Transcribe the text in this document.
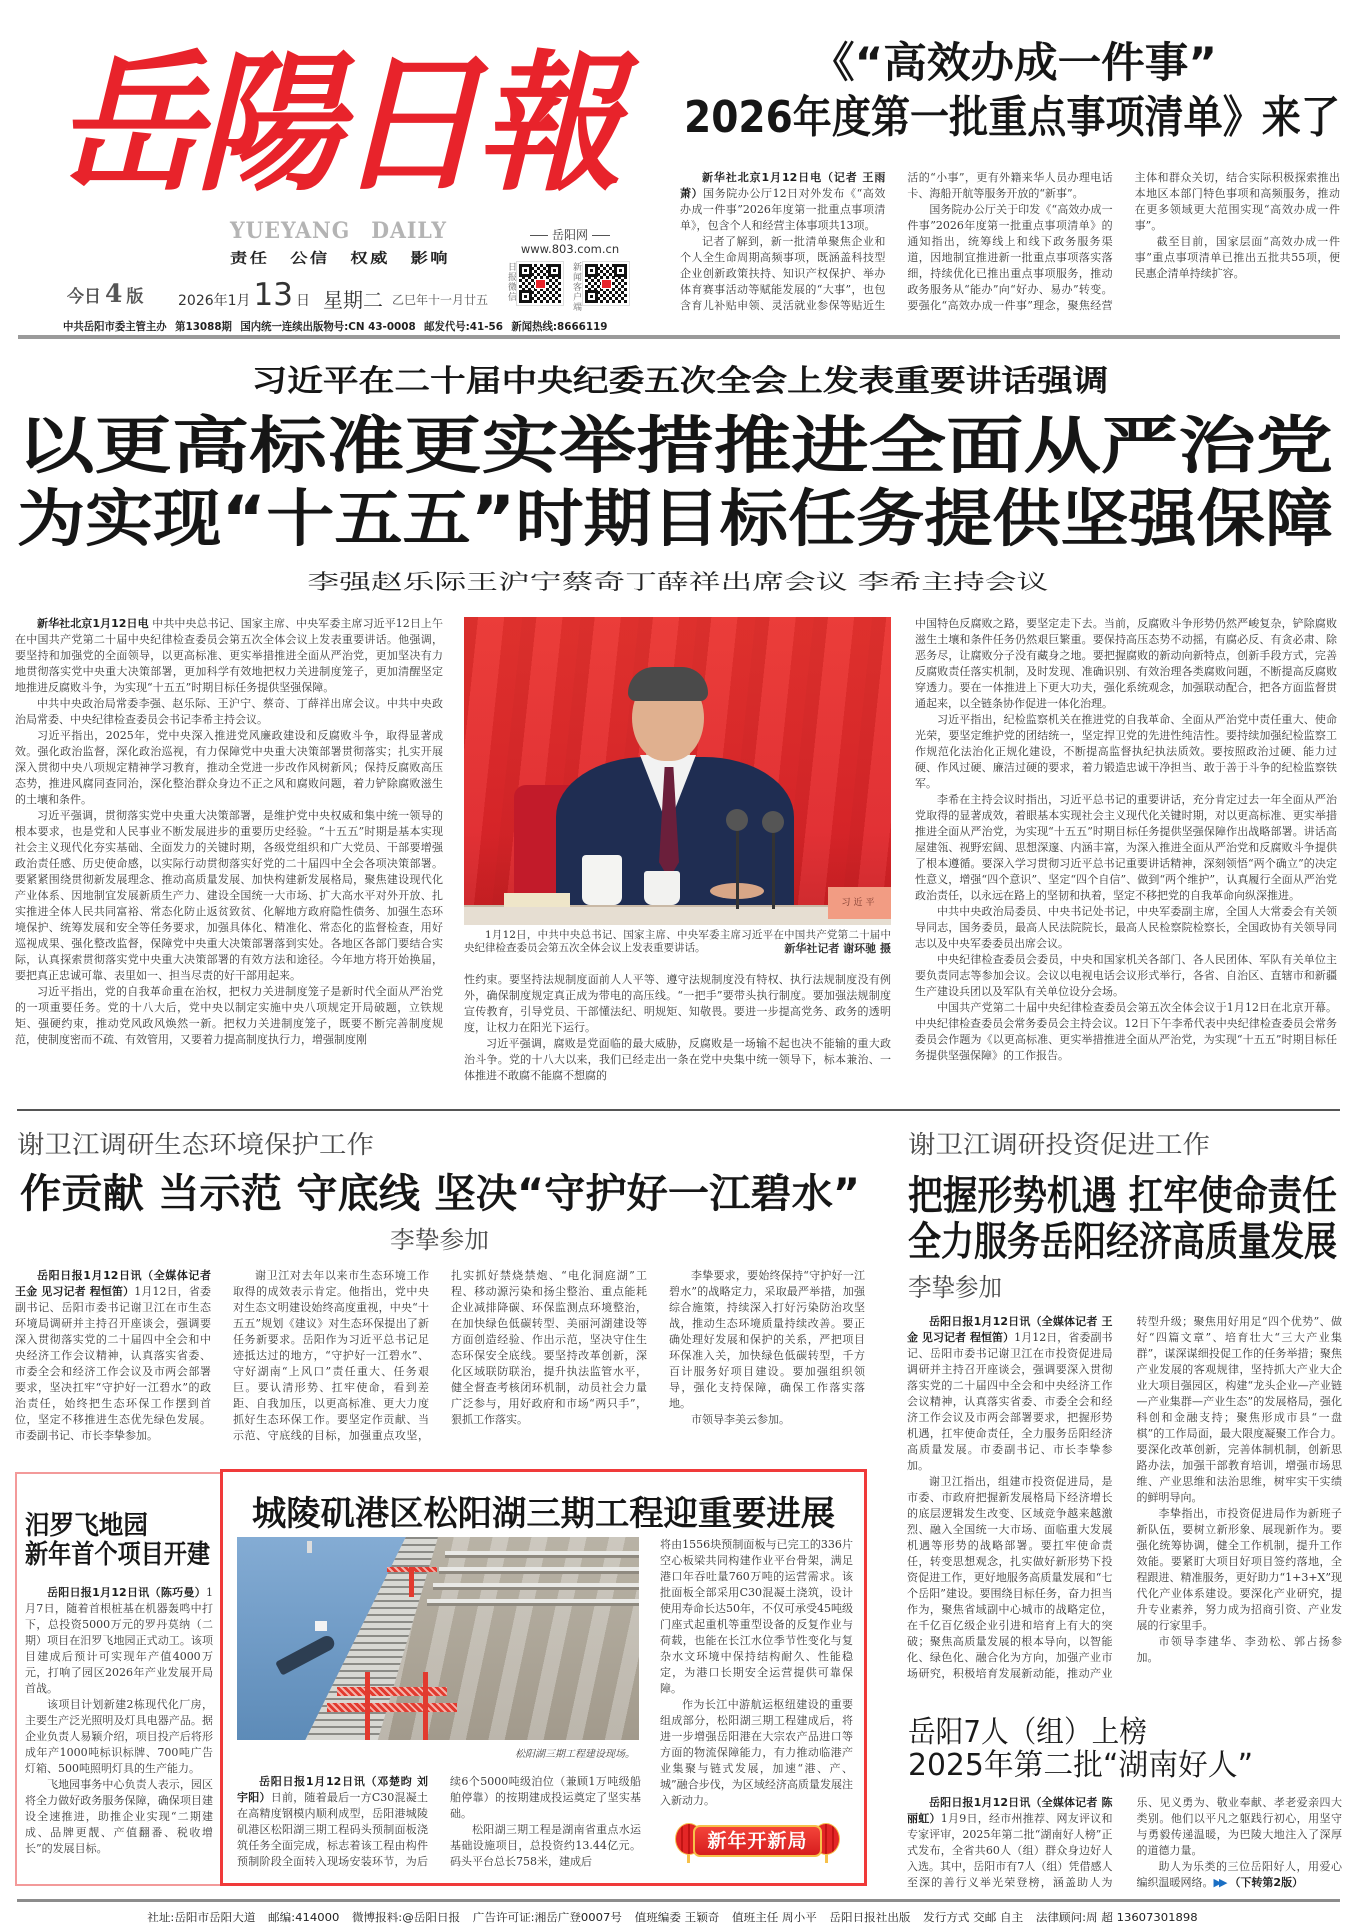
岳陽日報
YUEYANG DAILY
责任 公信 权威 影响
今日 4 版 2026年1月13 日 星期二 乙巳年十一月廿五
岳阳网
www.803.com.cn
日报微信	新闻客户端
中共岳阳市委主管主办 第13088期 国内统一连续出版物号:CN 43-0008 邮发代号:41-56 新闻热线:8666119
《“高效办成一件事”
2026年度第一批重点事项清单》来了

新华社北京1月12日电（记者 王雨萧）国务院办公厅12日对外发布《“高效办成一件事”2026年度第一批重点事项清单》，包含个人和经营主体事项共13项。

记者了解到，新一批清单聚焦企业和个人全生命周期高频事项，既涵盖科技型企业创新政策扶持、知识产权保护、举办体育赛事活动等赋能发展的“大事”，也包含育儿补贴申领、灵活就业参保等贴近生活的“小事”，更有外籍来华人员办理电话卡、海船开航等服务开放的“新事”。

国务院办公厅关于印发《“高效办成一件事”2026年度第一批重点事项清单》的通知指出，统筹线上和线下政务服务渠道，因地制宜推进新一批重点事项落实落细，持续优化已推出重点事项服务，推动政务服务从“能办”向“好办、易办”转变。要强化“高效办成一件事”理念，聚焦经营主体和群众关切，结合实际积极探索推出本地区本部门特色事项和高频服务，推动在更多领域更大范围实现“高效办成一件事”。

截至目前，国家层面“高效办成一件事”重点事项清单已推出五批共55项，便民惠企清单持续扩容。

习近平在二十届中央纪委五次全会上发表重要讲话强调
以更高标准更实举措推进全面从严治党
为实现“十五五”时期目标任务提供坚强保障
李强赵乐际王沪宁蔡奇丁薛祥出席会议 李希主持会议

新华社北京1月12日电 中共中央总书记、国家主席、中央军委主席习近平12日上午在中国共产党第二十届中央纪律检查委员会第五次全体会议上发表重要讲话。他强调，要坚持和加强党的全面领导，以更高标准、更实举措推进全面从严治党，更加坚决有力地贯彻落实党中央重大决策部署，更加科学有效地把权力关进制度笼子，更加清醒坚定地推进反腐败斗争，为实现“十五五”时期目标任务提供坚强保障。

中共中央政治局常委李强、赵乐际、王沪宁、蔡奇、丁薛祥出席会议。中共中央政治局常委、中央纪律检查委员会书记李希主持会议。

习近平指出，2025年，党中央深入推进党风廉政建设和反腐败斗争，取得显著成效。强化政治监督，深化政治巡视，有力保障党中央重大决策部署贯彻落实；扎实开展深入贯彻中央八项规定精神学习教育，推动全党进一步改作风树新风；保持反腐败高压态势，推进风腐同查同治，深化整治群众身边不正之风和腐败问题，着力铲除腐败滋生的土壤和条件。

习近平强调，贯彻落实党中央重大决策部署，是维护党中央权威和集中统一领导的根本要求，也是党和人民事业不断发展进步的重要历史经验。“十五五”时期是基本实现社会主义现代化夯实基础、全面发力的关键时期，各级党组织和广大党员、干部要增强政治责任感、历史使命感，以实际行动贯彻落实好党的二十届四中全会各项决策部署。要紧紧围绕贯彻新发展理念、推动高质量发展、加快构建新发展格局，聚焦建设现代化产业体系、因地制宜发展新质生产力、建设全国统一大市场、扩大高水平对外开放、扎实推进全体人民共同富裕、常态化防止返贫致贫、化解地方政府隐性债务、加强生态环境保护、统筹发展和安全等任务要求，加强具体化、精准化、常态化的监督检查，用好巡视成果、强化整改监督，保障党中央重大决策部署落到实处。各地区各部门要结合实际，认真探索贯彻落实党中央重大决策部署的有效方法和途径。今年地方将开始换届，要把真正忠诚可靠、表里如一、担当尽责的好干部用起来。

习近平指出，党的自我革命重在治权，把权力关进制度笼子是新时代全面从严治党的一项重要任务。党的十八大后，党中央以制定实施中央八项规定开局破题，立铁规矩、强硬约束，推动党风政风焕然一新。把权力关进制度笼子，既要不断完善制度规范，使制度密而不疏、有效管用，又要着力提高制度执行力，增强制度刚

习近平
1月12日，中共中央总书记、国家主席、中央军委主席习近平在中国共产党第二十届中央纪律检查委员会第五次全体会议上发表重要讲话。	新华社记者 谢环驰 摄

性约束。要坚持法规制度面前人人平等、遵守法规制度没有特权、执行法规制度没有例外，确保制度规定真正成为带电的高压线。“一把手”要带头执行制度。要加强法规制度宣传教育，引导党员、干部懂法纪、明规矩、知敬畏。要进一步提高党务、政务的透明度，让权力在阳光下运行。

习近平强调，腐败是党面临的最大威胁，反腐败是一场输不起也决不能输的重大政治斗争。党的十八大以来，我们已经走出一条在党中央集中统一领导下，标本兼治、一体推进不敢腐不能腐不想腐的

中国特色反腐败之路，要坚定走下去。当前，反腐败斗争形势仍然严峻复杂，铲除腐败滋生土壤和条件任务仍然艰巨繁重。要保持高压态势不动摇，有腐必反、有贪必肃、除恶务尽，让腐败分子没有藏身之地。要把握腐败的新动向新特点，创新手段方式，完善反腐败责任落实机制，及时发现、准确识别、有效治理各类腐败问题，不断提高反腐败穿透力。要在一体推进上下更大功夫，强化系统观念，加强联动配合，把各方面监督贯通起来，以全链条协作促进一体化治理。

习近平指出，纪检监察机关在推进党的自我革命、全面从严治党中责任重大、使命光荣，要坚定维护党的团结统一，坚定捍卫党的先进性纯洁性。要持续加强纪检监察工作规范化法治化正规化建设，不断提高监督执纪执法质效。要按照政治过硬、能力过硬、作风过硬、廉洁过硬的要求，着力锻造忠诚干净担当、敢于善于斗争的纪检监察铁军。

李希在主持会议时指出，习近平总书记的重要讲话，充分肯定过去一年全面从严治党取得的显著成效，着眼基本实现社会主义现代化关键时期，对以更高标准、更实举措推进全面从严治党，为实现“十五五”时期目标任务提供坚强保障作出战略部署。讲话高屋建瓴、视野宏阔、思想深邃、内涵丰富，为深入推进全面从严治党和反腐败斗争提供了根本遵循。要深入学习贯彻习近平总书记重要讲话精神，深刻领悟“两个确立”的决定性意义，增强“四个意识”、坚定“四个自信”、做到“两个维护”，认真履行全面从严治党政治责任，以永远在路上的坚韧和执着，坚定不移把党的自我革命向纵深推进。

中共中央政治局委员、中央书记处书记，中央军委副主席，全国人大常委会有关领导同志，国务委员，最高人民法院院长，最高人民检察院检察长，全国政协有关领导同志以及中央军委委员出席会议。

中央纪律检查委员会委员，中央和国家机关各部门、各人民团体、军队有关单位主要负责同志等参加会议。会议以电视电话会议形式举行，各省、自治区、直辖市和新疆生产建设兵团以及军队有关单位设分会场。

中国共产党第二十届中央纪律检查委员会第五次全体会议于1月12日在北京开幕。中央纪律检查委员会常务委员会主持会议。12日下午李希代表中央纪律检查委员会常务委员会作题为《以更高标准、更实举措推进全面从严治党，为实现“十五五”时期目标任务提供坚强保障》的工作报告。

谢卫江调研生态环境保护工作
作贡献 当示范 守底线 坚决“守护好一江碧水”
李挚参加

岳阳日报1月12日讯（全媒体记者 王金 见习记者 程恒笛）1月12日，省委副书记、岳阳市委书记谢卫江在市生态环境局调研并主持召开座谈会，强调要深入贯彻落实党的二十届四中全会和中央经济工作会议精神，认真落实省委、市委全会和经济工作会议及市两会部署要求，坚决扛牢“守护好一江碧水”的政治责任，始终把生态环保工作摆到首位，坚定不移推进生态优先绿色发展。市委副书记、市长李挚参加。

谢卫江对去年以来市生态环境工作取得的成效表示肯定。他指出，党中央对生态文明建设始终高度重视，中央“十五五”规划《建议》对生态环保提出了新任务新要求。岳阳作为习近平总书记足迹抵达过的地方，“守护好一江碧水”、守好湖南“上风口”责任重大、任务艰巨。要认清形势、扛牢使命，看到差距、自我加压，以更高标准、更大力度抓好生态环保工作。要坚定作贡献、当示范、守底线的目标，加强重点攻坚，扎实抓好禁烧禁炮、“电化洞庭湖”工程、移动源污染和扬尘整治、重点能耗企业减排降碳、环保监测点环境整治，在加快绿色低碳转型、美丽河湖建设等方面创造经验、作出示范，坚决守住生态环保安全底线。要坚持改革创新，深化区域联防联治，提升执法监管水平，健全督查考核闭环机制，动员社会力量广泛参与，用好政府和市场“两只手”，狠抓工作落实。

李挚要求，要始终保持“守护好一江碧水”的战略定力，采取最严举措，加强综合施策，持续深入打好污染防治攻坚战，推动生态环境质量持续改善。要正确处理好发展和保护的关系，严把项目环保准入关，加快绿色低碳转型，千方百计服务好项目建设。要加强组织领导，强化支持保障，确保工作落实落地。

市领导李美云参加。

谢卫江调研投资促进工作
把握形势机遇 扛牢使命责任
全力服务岳阳经济高质量发展
李挚参加

岳阳日报1月12日讯（全媒体记者 王金 见习记者 程恒笛）1月12日，省委副书记、岳阳市委书记谢卫江在市投资促进局调研并主持召开座谈会，强调要深入贯彻落实党的二十届四中全会和中央经济工作会议精神，认真落实省委、市委全会和经济工作会议及市两会部署要求，把握形势机遇，扛牢使命责任，全力服务岳阳经济高质量发展。市委副书记、市长李挚参加。

谢卫江指出，组建市投资促进局，是市委、市政府把握新发展格局下经济增长的底层逻辑发生改变、区域竞争越来越激烈、融入全国统一大市场、面临重大发展机遇等形势的战略部署。要扛牢使命责任，转变思想观念，扎实做好新形势下投资促进工作，更好地服务高质量发展和“七个岳阳”建设。要围绕目标任务，奋力担当作为，聚焦省域副中心城市的战略定位，在千亿百亿级企业引进和培育上有大的突破；聚焦高质量发展的根本导向，以智能化、绿色化、融合化为方向，加强产业市场研究，积极培育发展新动能，推动产业转型升级；聚焦用好用足“四个优势”、做好“四篇文章”、培育壮大“三大产业集群”，谋深谋细投促工作的任务举措；聚焦产业发展的客观规律，坚持抓大产业大企业大项目强园区，构建“龙头企业—产业链—产业集群—产业生态”的发展格局，强化科创和金融支持；聚焦形成市县“一盘棋”的工作局面，最大限度凝聚工作合力。要深化改革创新，完善体制机制，创新思路办法，加强干部教育培训，增强市场思维、产业思维和法治思维，树牢实干实绩的鲜明导向。

李挚指出，市投资促进局作为新班子新队伍，要树立新形象、展现新作为。要强化统筹协调，健全工作机制，提升工作效能。要紧盯大项目好项目签约落地，全程跟进、精准服务，更好助力“1+3+X”现代化产业体系建设。要深化产业研究，提升专业素养，努力成为招商引资、产业发展的行家里手。

市领导李建华、李劲松、郭占扬参加。

岳阳7人（组）上榜
2025年第二批“湖南好人”

岳阳日报1月12日讯（全媒体记者 陈丽虹）1月9日，经市州推荐、网友评议和专家评审，2025年第二批“湖南好人榜”正式发布，全省共60人（组）群众身边好人入选。其中，岳阳市有7人（组）凭借感人至深的善行义举光荣登榜，涵盖助人为乐、见义勇为、敬业奉献、孝老爱亲四大类别。他们以平凡之躯践行初心，用坚守与勇毅传递温暖，为巴陵大地注入了深厚的道德力量。

助人为乐类的三位岳阳好人，用爱心编织温暖网络。▶▶ （下转第2版）

汨罗飞地园
新年首个项目开建

岳阳日报1月12日讯（陈巧曼）1月7日，随着首根桩基在机器轰鸣中打下，总投资5000万元的罗丹莫纳（二期）项目在汨罗飞地园正式动工。该项目建成后预计可实现年产值4000万元，打响了园区2026年产业发展开局首战。

该项目计划新建2栋现代化厂房，主要生产泛光照明及灯具电器产品。据企业负责人易颖介绍，项目投产后将形成年产1000吨标识标牌、700吨广告灯箱、500吨照明灯具的生产能力。

飞地园事务中心负责人表示，园区将全力做好政务服务保障，确保项目建设全速推进，助推企业实现“二期建成、品牌更靓、产值翻番、税收增长”的发展目标。

城陵矶港区松阳湖三期工程迎重要进展
松阳湖三期工程建设现场。

岳阳日报1月12日讯（邓楚昀 刘宇阳）日前，随着最后一方C30混凝土在高精度钢模内顺利成型，岳阳港城陵矶港区松阳湖三期工程码头预制面板浇筑任务全面完成，标志着该工程由构件预制阶段全面转入现场安装环节，为后续6个5000吨级泊位（兼顾1万吨级船舶停靠）的按期建成投运奠定了坚实基础。

松阳湖三期工程是湖南省重点水运基础设施项目，总投资约13.44亿元。码头平台总长758米，建成后

将由1556块预制面板与已完工的336片空心板梁共同构建作业平台骨架，满足港口年吞吐量760万吨的运营需求。该批面板全部采用C30混凝土浇筑，设计使用寿命长达50年，不仅可承受45吨级门座式起重机等重型设备的反复作业与荷载，也能在长江水位季节性变化与复杂水文环境中保持结构耐久、性能稳定，为港口长期安全运营提供可靠保障。

作为长江中游航运枢纽建设的重要组成部分，松阳湖三期工程建成后，将进一步增强岳阳港在大宗农产品进口等方面的物流保障能力，有力推动临港产业集聚与链式发展，加速“港、产、城”融合步伐，为区域经济高质量发展注入新动力。

新年开新局
社址:岳阳市岳阳大道 邮编:414000 微博报料:@岳阳日报 广告许可证:湘岳广登0007号 值班编委 王颖奇 值班主任 周小平 岳阳日报社出版 发行方式 交邮 自主 法律顾问:周 超 13607301898
